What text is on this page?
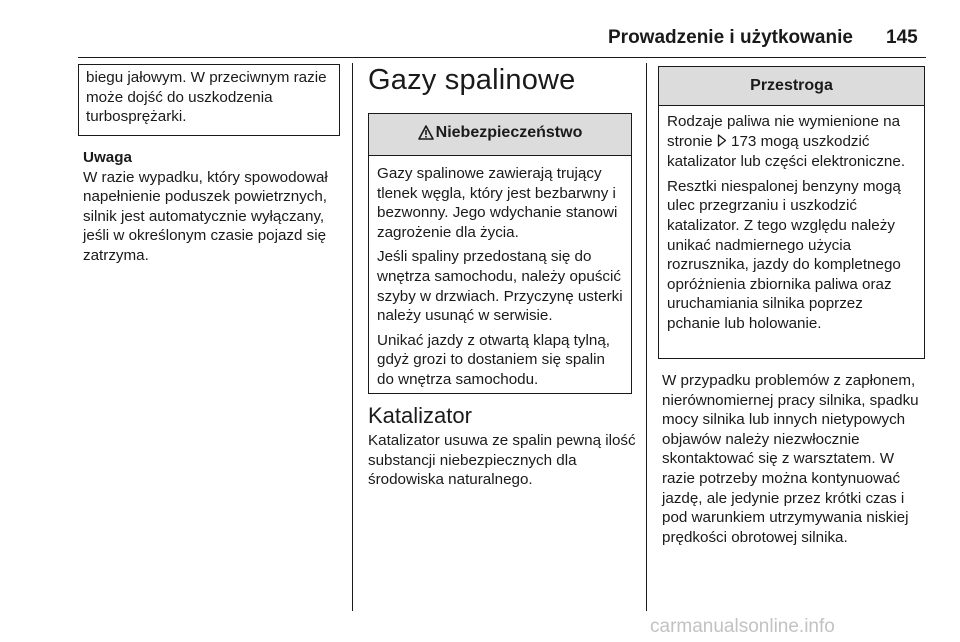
Prowadzenie i użytkowanie 145

biegu jałowym. W przeciwnym razie może dojść do uszkodzenia turbosprężarki.

Uwaga

W razie wypadku, który spowodował napełnienie poduszek powietrznych, silnik jest automatycznie wyłączany, jeśli w określonym czasie pojazd się zatrzyma.

Gazy spalinowe
Niebezpieczeństwo

Gazy spalinowe zawierają trujący tlenek węgla, który jest bezbarwny i bezwonny. Jego wdychanie stanowi zagrożenie dla życia.

Jeśli spaliny przedostaną się do wnętrza samochodu, należy opuścić szyby w drzwiach. Przyczynę usterki należy usunąć w serwisie.

Unikać jazdy z otwartą klapą tylną, gdyż grozi to dostaniem się spalin do wnętrza samochodu.

Katalizator

Katalizator usuwa ze spalin pewną ilość substancji niebezpiecznych dla środowiska naturalnego.

Przestroga

Rodzaje paliwa nie wymienione na stronie  173 mogą uszkodzić katalizator lub części elektroniczne.

Resztki niespalonej benzyny mogą ulec przegrzaniu i uszkodzić katalizator. Z tego względu należy unikać nadmiernego użycia rozrusznika, jazdy do kompletnego opróżnienia zbiornika paliwa oraz uruchamiania silnika poprzez pchanie lub holowanie.

W przypadku problemów z zapłonem, nierównomiernej pracy silnika, spadku mocy silnika lub innych nietypowych objawów należy niezwłocznie skontaktować się z warsztatem. W razie potrzeby można kontynuować jazdę, ale jedynie przez krótki czas i pod warunkiem utrzymywania niskiej prędkości obrotowej silnika.

carmanualsonline.info
